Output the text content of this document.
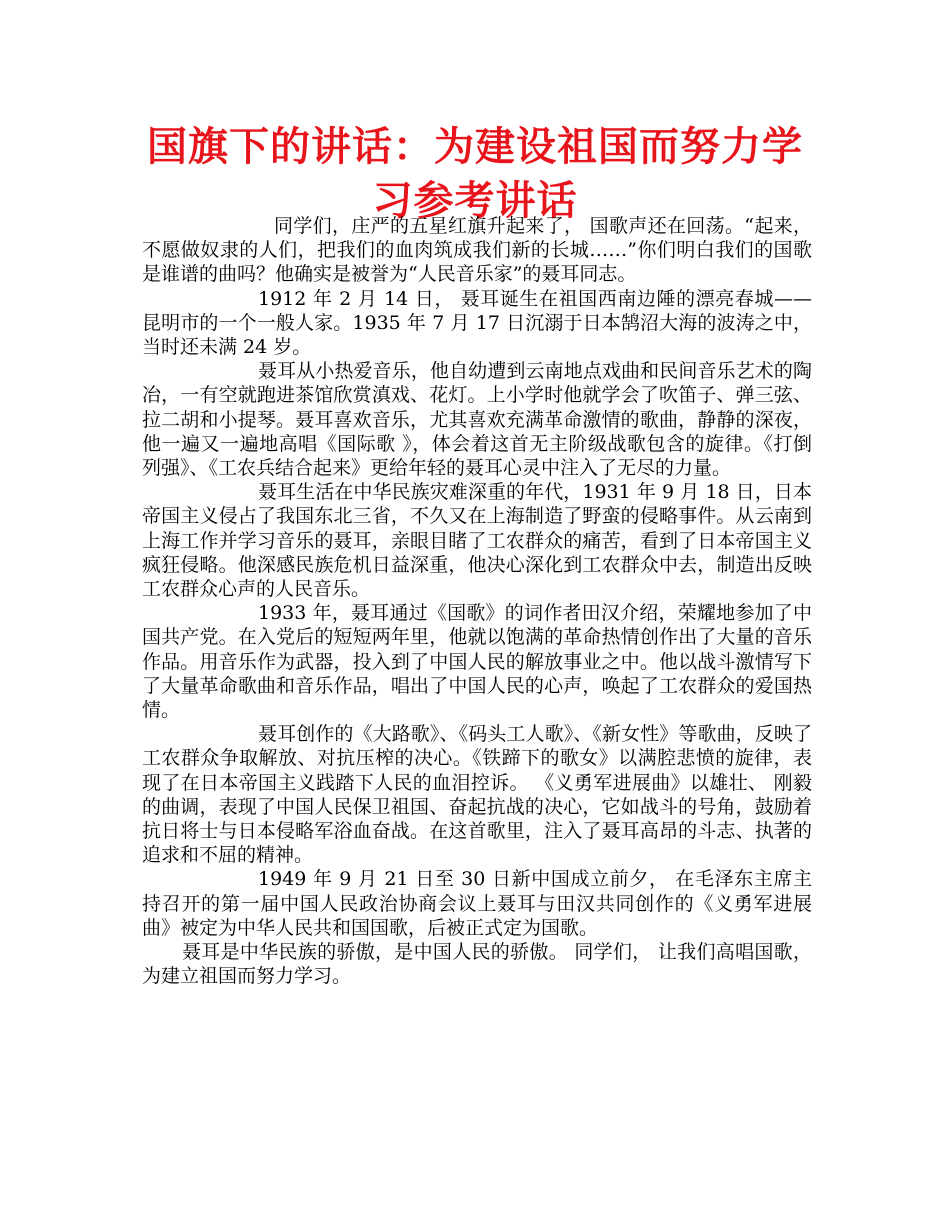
国旗下的讲话：为建设祖国而努力学习参考讲话

同学们，庄严的五星红旗升起来了， 国歌声还在回荡。“起来， 不愿做奴隶的人们，把我们的血肉筑成我们新的长城……”你们明白我们的国歌是谁谱的曲吗？他确实是被誉为“人民音乐家”的聂耳同志。

1912 年 2 月 14 日， 聂耳诞生在祖国西南边陲的漂亮春城——昆明市的一个一般人家。1935 年 7 月 17 日沉溺于日本鹄沼大海的波涛之中，当时还未满 24 岁。

聂耳从小热爱音乐，他自幼遭到云南地点戏曲和民间音乐艺术的陶冶，一有空就跑进茶馆欣赏滇戏、花灯。上小学时他就学会了吹笛子、弹三弦、拉二胡和小提琴。聂耳喜欢音乐，尤其喜欢充满革命激情的歌曲，静静的深夜，他一遍又一遍地高唱《国际歌 》，体会着这首无主阶级战歌包含的旋律。《打倒列强》、《工农兵结合起来》更给年轻的聂耳心灵中注入了无尽的力量。

聂耳生活在中华民族灾难深重的年代，1931 年 9 月 18 日，日本帝国主义侵占了我国东北三省，不久又在上海制造了野蛮的侵略事件。从云南到上海工作并学习音乐的聂耳，亲眼目睹了工农群众的痛苦，看到了日本帝国主义疯狂侵略。他深感民族危机日益深重，他决心深化到工农群众中去，制造出反映工农群众心声的人民音乐。

1933 年，聂耳通过《国歌》的词作者田汉介绍，荣耀地参加了中国共产党。在入党后的短短两年里，他就以饱满的革命热情创作出了大量的音乐作品。用音乐作为武器，投入到了中国人民的解放事业之中。他以战斗激情写下了大量革命歌曲和音乐作品，唱出了中国人民的心声，唤起了工农群众的爱国热情。

聂耳创作的《大路歌》、《码头工人歌》、《新女性》等歌曲，反映了工农群众争取解放、对抗压榨的决心。《铁蹄下的歌女》以满腔悲愤的旋律，表现了在日本帝国主义践踏下人民的血泪控诉。 《义勇军进展曲》以雄壮、 刚毅的曲调，表现了中国人民保卫祖国、奋起抗战的决心，它如战斗的号角，鼓励着抗日将士与日本侵略军浴血奋战。在这首歌里，注入了聂耳高昂的斗志、执著的追求和不屈的精神。

1949 年 9 月 21 日至 30 日新中国成立前夕， 在毛泽东主席主持召开的第一届中国人民政治协商会议上聂耳与田汉共同创作的《义勇军进展曲》被定为中华人民共和国国歌，后被正式定为国歌。

聂耳是中华民族的骄傲，是中国人民的骄傲。 同学们， 让我们高唱国歌，为建立祖国而努力学习。
